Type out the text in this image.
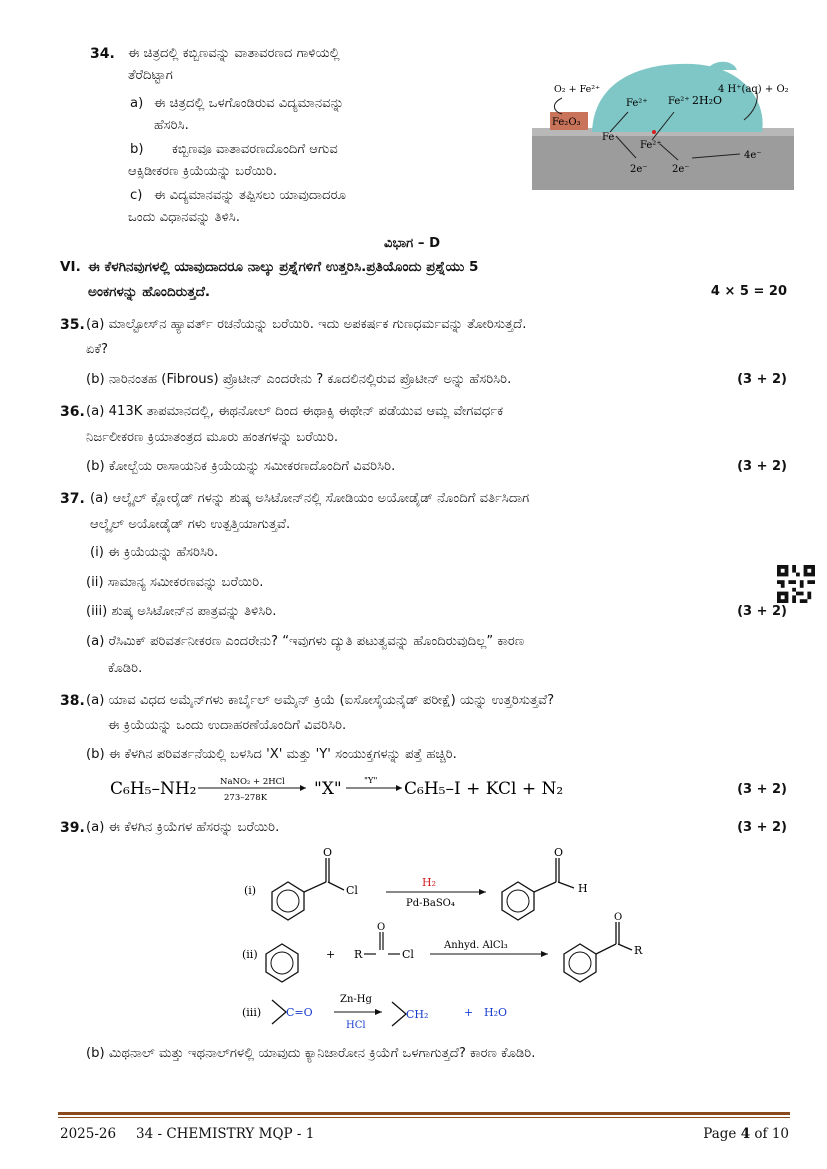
34. ಈ ಚಿತ್ರದಲ್ಲಿ ಕಬ್ಬಿಣವನ್ನು ವಾತಾವರಣದ ಗಾಳಿಯಲ್ಲಿ
ತೆರೆದಿಟ್ಟಾಗ
a) ಈ ಚಿತ್ರದಲ್ಲಿ ಒಳಗೊಂಡಿರುವ ವಿದ್ಯಮಾನವನ್ನು
ಹೆಸರಿಸಿ.
b) ಕಬ್ಬಿಣವೂ ವಾತಾವರಣದೊಂದಿಗೆ ಆಗುವ
ಆಕ್ಸಿಡೀಕರಣ ಕ್ರಿಯೆಯನ್ನು ಬರೆಯಿರಿ.
c) ಈ ವಿದ್ಯಮಾನವನ್ನು ತಪ್ಪಿಸಲು ಯಾವುದಾದರೂ
ಒಂದು ವಿಧಾನವನ್ನು ತಿಳಿಸಿ.
Fe₂O₃
O₂ + Fe²⁺
Fe²⁺ Fe²⁺ 2H₂O
4 H⁺(aq) + O₂
Fe
Fe²⁺
2e⁻ 2e⁻
4e⁻
ವಿಭಾಗ – D
VI. ಈ ಕೆಳಗಿನವುಗಳಲ್ಲಿ ಯಾವುದಾದರೂ ನಾಲ್ಕು ಪ್ರಶ್ನೆಗಳಿಗೆ ಉತ್ತರಿಸಿ.ಪ್ರತಿಯೊಂದು ಪ್ರಶ್ನೆಯು 5
ಅಂಕಗಳನ್ನು ಹೊಂದಿರುತ್ತದೆ.	4 × 5 = 20
35. (a) ಮಾಲ್ಟೋಸ್‌ನ ಹ್ಯಾವರ್ತ್ ರಚನೆಯನ್ನು ಬರೆಯಿರಿ. ಇದು ಅಪಕರ್ಷಕ ಗುಣಧರ್ಮವನ್ನು ತೋರಿಸುತ್ತದೆ.
ಏಕೆ?
(b) ನಾರಿನಂತಹ (Fibrous) ಪ್ರೊಟೀನ್ ಎಂದರೇನು ? ಕೂದಲಿನಲ್ಲಿರುವ ಪ್ರೊಟೀನ್ ಅನ್ನು ಹೆಸರಿಸಿರಿ.	(3 + 2)
36. (a) 413K ತಾಪಮಾನದಲ್ಲಿ, ಈಥನೋಲ್ ದಿಂದ ಈಥಾಕ್ಸಿ ಈಥೇನ್ ಪಡೆಯುವ ಆಮ್ಲ ವೇಗವರ್ಧಕ
ನಿರ್ಜಲೀಕರಣ ಕ್ರಿಯಾತಂತ್ರದ ಮೂರು ಹಂತಗಳನ್ನು ಬರೆಯಿರಿ.
(b) ಕೋಲ್ಬೆಯ ರಾಸಾಯನಿಕ ಕ್ರಿಯೆಯನ್ನು ಸಮೀಕರಣದೊಂದಿಗೆ ವಿವರಿಸಿರಿ.	(3 + 2)
37. (a) ಆಲ್ಕೈಲ್ ಕ್ಲೋರೈಡ್ ಗಳನ್ನು ಶುಷ್ಕ ಅಸಿಟೋನ್‌ನಲ್ಲಿ ಸೋಡಿಯಂ ಅಯೋಡೈಡ್ ನೊಂದಿಗೆ ವರ್ತಿಸಿದಾಗ
ಆಲ್ಕೈಲ್ ಅಯೋಡೈಡ್ ಗಳು ಉತ್ಪತ್ತಿಯಾಗುತ್ತವೆ.
(i) ಈ ಕ್ರಿಯೆಯನ್ನು ಹೆಸರಿಸಿರಿ.
(ii) ಸಾಮಾನ್ಯ ಸಮೀಕರಣವನ್ನು ಬರೆಯಿರಿ.
(iii) ಶುಷ್ಕ ಅಸಿಟೋನ್‌ನ ಪಾತ್ರವನ್ನು ತಿಳಿಸಿರಿ.	(3 + 2)
(a) ರೆಸಿಮಿಕ್ ಪರಿವರ್ತನೀಕರಣ ಎಂದರೇನು? “ಇವುಗಳು ದ್ಯುತಿ ಪಟುತ್ವವನ್ನು ಹೊಂದಿರುವುದಿಲ್ಲ” ಕಾರಣ
ಕೊಡಿರಿ.
38. (a) ಯಾವ ವಿಧದ ಅಮೈನ್‌ಗಳು ಕಾರ್ಬೈಲ್ ಅಮೈನ್ ಕ್ರಿಯೆ (ಐಸೋಸೈಯನೈಡ್ ಪರೀಕ್ಷೆ) ಯನ್ನು ಉತ್ತರಿಸುತ್ತವೆ?
ಈ ಕ್ರಿಯೆಯನ್ನು ಒಂದು ಉದಾಹರಣೆಯೊಂದಿಗೆ ವಿವರಿಸಿರಿ.
(b) ಈ ಕೆಳಗಿನ ಪರಿವರ್ತನೆಯಲ್ಲಿ ಬಳಸಿದ 'X' ಮತ್ತು 'Y' ಸಂಯುಕ್ತಗಳನ್ನು ಪತ್ತೆ ಹಚ್ಚಿರಿ.
C₆H₅–NH₂	NaNO₂ + 2HCl
273–278K	"X"	"Y" C₆H₅–I + KCl + N₂	(3 + 2)
39. (a) ಈ ಕೆಳಗಿನ ಕ್ರಿಯೆಗಳ ಹೆಸರನ್ನು ಬರೆಯಿರಿ.	(3 + 2)
(i)
O
Cl
H₂
Pd-BaSO₄
O
H
(ii)	+ R
O
Cl
Anhyd. AlCl₃
O
R
(iii) C=O
Zn-Hg
HCl
CH₂	+ H₂O
(b) ಮಿಥನಾಲ್ ಮತ್ತು ಇಥನಾಲ್‌ಗಳಲ್ಲಿ ಯಾವುದು ಕ್ಯಾನಿಜಾರೋನ ಕ್ರಿಯೆಗೆ ಒಳಗಾಗುತ್ತದೆ? ಕಾರಣ ಕೊಡಿರಿ.
2025-26 34 - CHEMISTRY MQP - 1	Page 4 of 10
